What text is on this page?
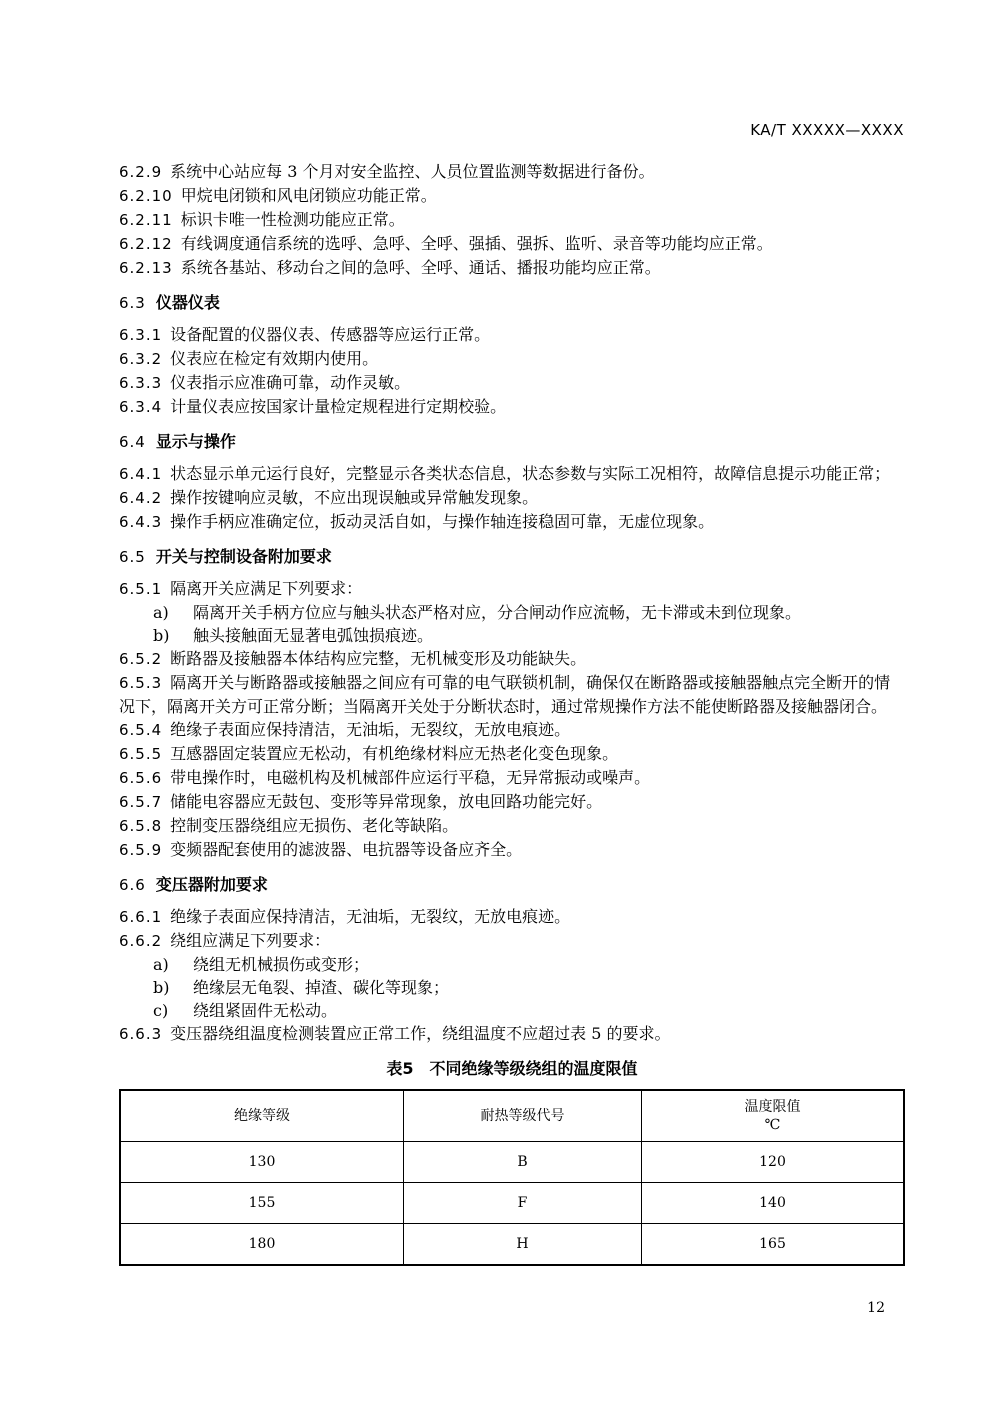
KA/T XXXXX—XXXX
6.2.9 系统中心站应每 3 个月对安全监控、人员位置监测等数据进行备份。
6.2.10 甲烷电闭锁和风电闭锁应功能正常。
6.2.11 标识卡唯一性检测功能应正常。
6.2.12 有线调度通信系统的选呼、急呼、全呼、强插、强拆、监听、录音等功能均应正常。
6.2.13 系统各基站、移动台之间的急呼、全呼、通话、播报功能均应正常。
6.3 仪器仪表
6.3.1 设备配置的仪器仪表、传感器等应运行正常。
6.3.2 仪表应在检定有效期内使用。
6.3.3 仪表指示应准确可靠，动作灵敏。
6.3.4 计量仪表应按国家计量检定规程进行定期校验。
6.4 显示与操作
6.4.1 状态显示单元运行良好，完整显示各类状态信息，状态参数与实际工况相符，故障信息提示功能正常；
6.4.2 操作按键响应灵敏，不应出现误触或异常触发现象。
6.4.3 操作手柄应准确定位，扳动灵活自如，与操作轴连接稳固可靠，无虚位现象。
6.5 开关与控制设备附加要求
6.5.1 隔离开关应满足下列要求：
a) 隔离开关手柄方位应与触头状态严格对应，分合闸动作应流畅，无卡滞或未到位现象。
b) 触头接触面无显著电弧蚀损痕迹。
6.5.2 断路器及接触器本体结构应完整，无机械变形及功能缺失。
6.5.3 隔离开关与断路器或接触器之间应有可靠的电气联锁机制，确保仅在断路器或接触器触点完全断开的情况下，隔离开关方可正常分断；当隔离开关处于分断状态时，通过常规操作方法不能使断路器及接触器闭合。
6.5.4 绝缘子表面应保持清洁，无油垢，无裂纹，无放电痕迹。
6.5.5 互感器固定装置应无松动，有机绝缘材料应无热老化变色现象。
6.5.6 带电操作时，电磁机构及机械部件应运行平稳，无异常振动或噪声。
6.5.7 储能电容器应无鼓包、变形等异常现象，放电回路功能完好。
6.5.8 控制变压器绕组应无损伤、老化等缺陷。
6.5.9 变频器配套使用的滤波器、电抗器等设备应齐全。
6.6 变压器附加要求
6.6.1 绝缘子表面应保持清洁，无油垢，无裂纹，无放电痕迹。
6.6.2 绕组应满足下列要求：
a) 绕组无机械损伤或变形；
b) 绝缘层无龟裂、掉渣、碳化等现象；
c) 绕组紧固件无松动。
6.6.3 变压器绕组温度检测装置应正常工作，绕组温度不应超过表 5 的要求。
表5　不同绝缘等级绕组的温度限值
绝缘等级	耐热等级代号	温度限值
℃
130	B	120
155	F	140
180	H	165
12
